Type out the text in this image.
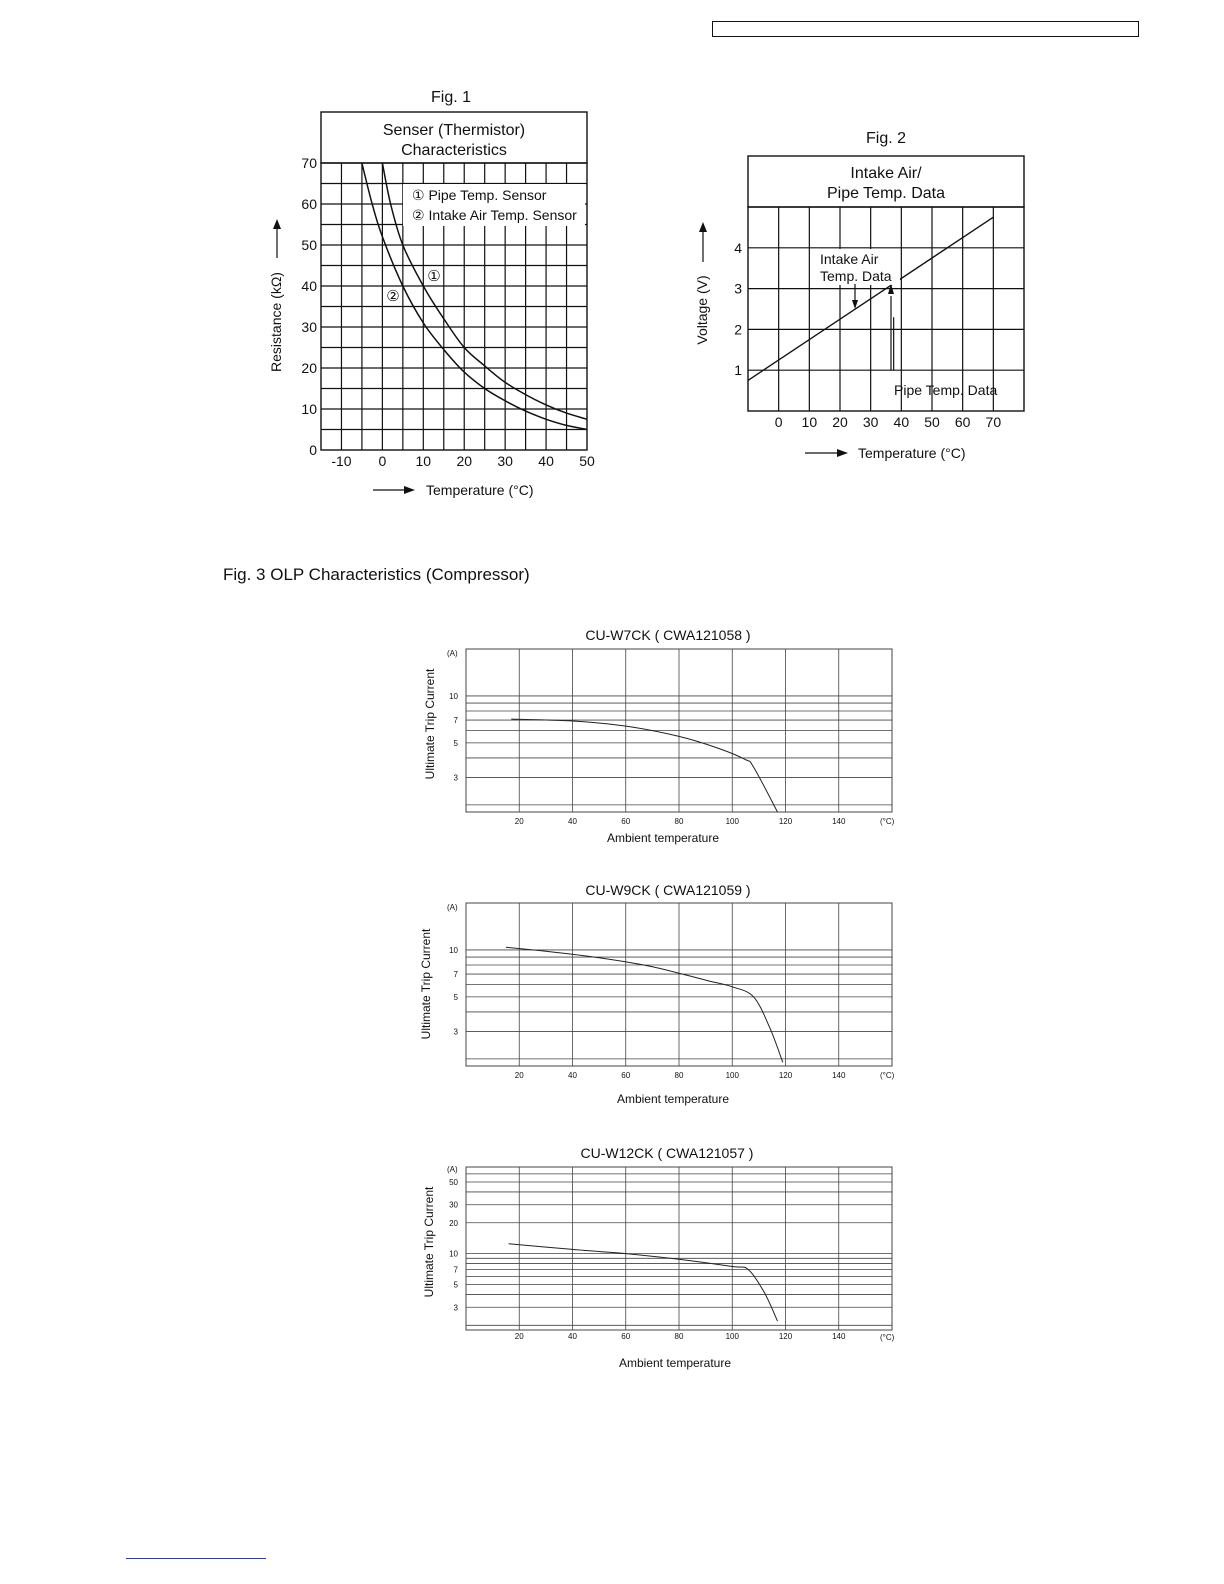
Fig. 1
Senser (Thermistor)
Characteristics
-10 0 10 20 30 40 50
0
10
20
30
40
50
60
70
① Pipe Temp. Sensor
② Intake Air Temp. Sensor
①
②
Resistance (kΩ)
Temperature (°C)
Fig. 2
Intake Air/
Pipe Temp. Data
0 10 20 30 40 50 60 70
1
2
3
4
Intake Air
Temp. Data
Pipe Temp. Data
Voltage (V)
Temperature (°C)
Fig. 3 OLP Characteristics (Compressor)
CU-W7CK ( CWA121058 )
(A)
(°C)
Ultimate Trip Current
Ambient temperature
20	40	60	80	100	120	140
3
5
7
10
CU-W9CK ( CWA121059 )
(A)
(°C)
Ultimate Trip Current
Ambient temperature
20	40	60	80	100	120	140
3
5
7
10
CU-W12CK ( CWA121057 )
(A)
(°C)
Ultimate Trip Current
Ambient temperature
20	40	60	80	100	120	140
3
5
7
10
20
30
50
